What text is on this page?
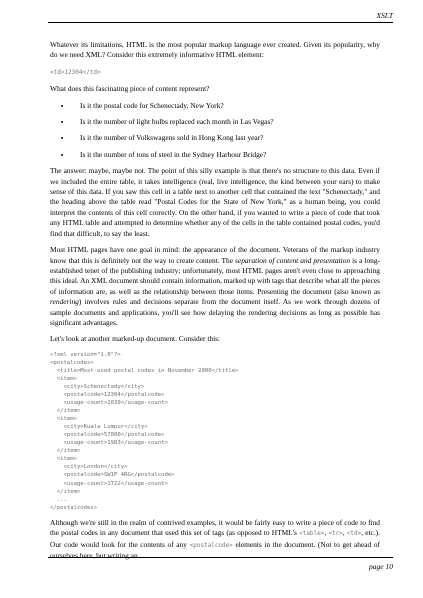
XSLT

Whatever its limitations, HTML is the most popular markup language ever created. Given its popularity, why do we need XML? Consider this extremely informative HTML element:

<td>12304</td>

What does this fascinating piece of content represent?

• Is it the postal code for Schenectady, New York?
• Is it the number of light bulbs replaced each month in Las Vegas?
• Is it the number of Volkswagens sold in Hong Kong last year?
• Is it the number of tons of steel in the Sydney Harbour Bridge?

The answer: maybe, maybe not. The point of this silly example is that there's no structure to this data. Even if we included the entire table, it takes intelligence (real, live intelligence, the kind between your ears) to make sense of this data. If you saw this cell in a table next to another cell that contained the text "Schenectady," and the heading above the table read "Postal Codes for the State of New York," as a human being, you could interpret the contents of this cell correctly. On the other hand, if you wanted to write a piece of code that took any HTML table and attempted to determine whether any of the cells in the table contained postal codes, you'd find that difficult, to say the least.

Most HTML pages have one goal in mind: the appearance of the document. Veterans of the markup industry know that this is definitely not the way to create content. The separation of content and presentation is a long-established tenet of the publishing industry; unfortunately, most HTML pages aren't even close to approaching this ideal. An XML document should contain information, marked up with tags that describe what all the pieces of information are, as well as the relationship between those items. Presenting the document (also known as rendering) involves rules and decisions separate from the document itself. As we work through dozens of sample documents and applications, you'll see how delaying the rendering decisions as long as possible has significant advantages.

Let's look at another marked-up document. Consider this:

<?xml version="1.0"?>
<postalcodes>
<title>Most-used postal codes in November 2000</title>
<item>
<city>Schenectady</city>
<postalcode>12304</postalcode>
<usage-count>2039</usage-count>
</item>
<item>
<city>Kuala Lumpur</city>
<postalcode>57000</postalcode>
<usage-count>1983</usage-count>
</item>
<item>
<city>London</city>
<postalcode>SW1P 4RG</postalcode>
<usage-count>1722</usage-count>
</item>
...
</postalcodes>

Although we're still in the realm of contrived examples, it would be fairly easy to write a piece of code to find the postal codes in any document that used this set of tags (as opposed to HTML's <table>, <tr>, <td>, etc.). Our code would look for the contents of any <postalcode> elements in the document. (Not to get ahead of ourselves here, but writing an

page 10
